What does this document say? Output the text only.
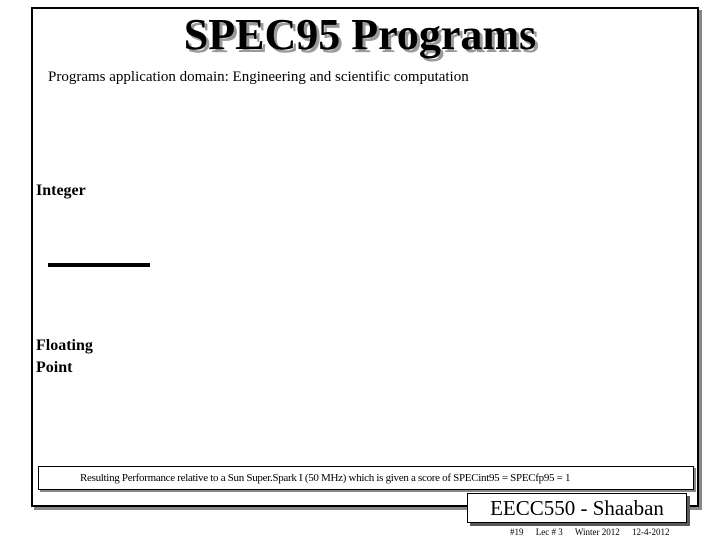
SPEC95 Programs
Programs application domain: Engineering and scientific computation
Integer
Floating
Point
Resulting Performance relative to a Sun Super.Spark I (50 MHz) which is given a score of SPECint95 = SPECfp95 = 1
EECC550 - Shaaban
#19 Lec # 3 Winter 2012 12-4-2012
